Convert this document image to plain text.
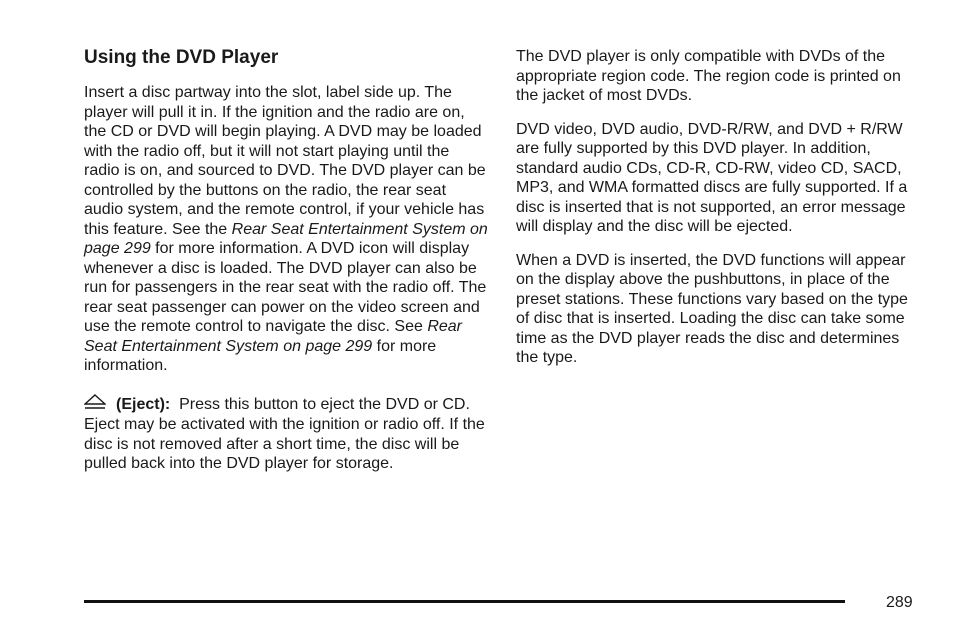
Using the DVD Player

Insert a disc partway into the slot, label side up. The player will pull it in. If the ignition and the radio are on, the CD or DVD will begin playing. A DVD may be loaded with the radio off, but it will not start playing until the radio is on, and sourced to DVD. The DVD player can be controlled by the buttons on the radio, the rear seat audio system, and the remote control, if your vehicle has this feature. See the Rear Seat Entertainment System on page 299 for more information. A DVD icon will display whenever a disc is loaded. The DVD player can also be run for passengers in the rear seat with the radio off. The rear seat passenger can power on the video screen and use the remote control to navigate the disc. See Rear Seat Entertainment System on page 299 for more information.

(Eject): Press this button to eject the DVD or CD. Eject may be activated with the ignition or radio off. If the disc is not removed after a short time, the disc will be pulled back into the DVD player for storage.

The DVD player is only compatible with DVDs of the appropriate region code. The region code is printed on the jacket of most DVDs.

DVD video, DVD audio, DVD-R/RW, and DVD + R/RW are fully supported by this DVD player. In addition, standard audio CDs, CD-R, CD-RW, video CD, SACD, MP3, and WMA formatted discs are fully supported. If a disc is inserted that is not supported, an error message will display and the disc will be ejected.

When a DVD is inserted, the DVD functions will appear on the display above the pushbuttons, in place of the preset stations. These functions vary based on the type of disc that is inserted. Loading the disc can take some time as the DVD player reads the disc and determines the type.

289
